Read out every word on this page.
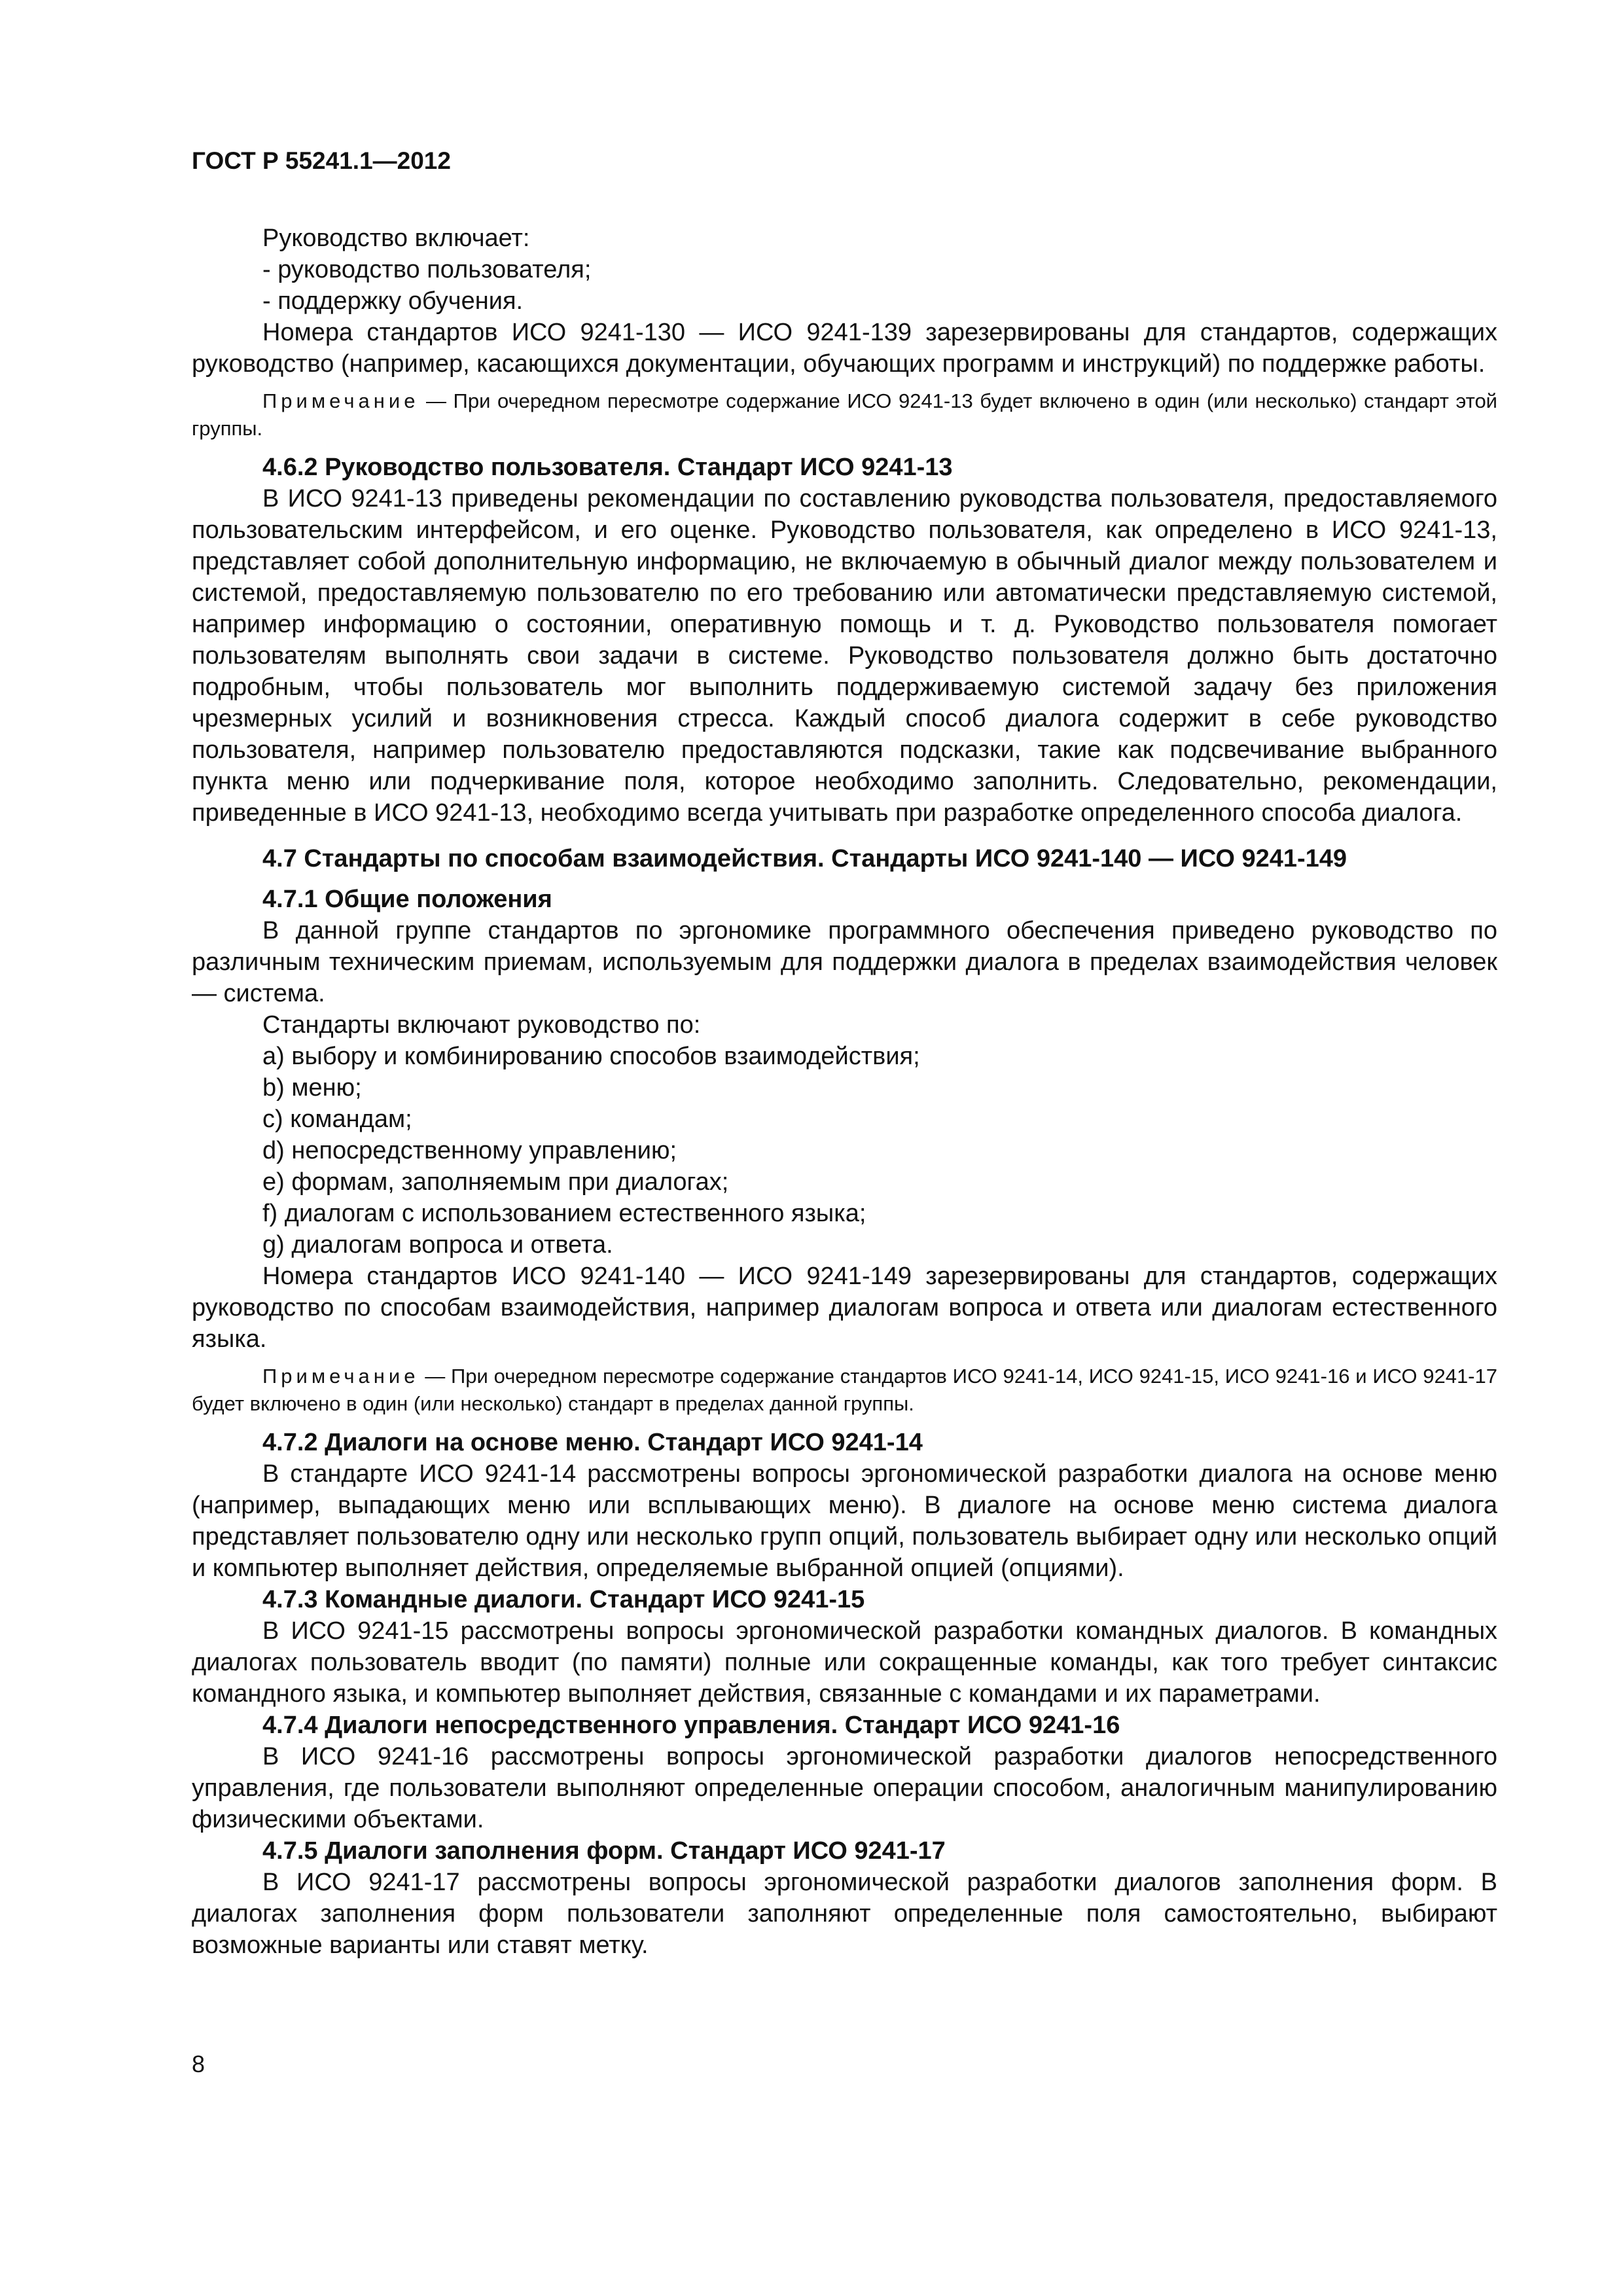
ГОСТ Р 55241.1—2012
Руководство включает:
- руководство пользователя;
- поддержку обучения.

Номера стандартов ИСО 9241-130 — ИСО 9241-139 зарезервированы для стандартов, содержащих руководство (например, касающихся документации, обучающих программ и инструкций) по поддержке работы.

Примечание — При очередном пересмотре содержание ИСО 9241-13 будет включено в один (или несколько) стандарт этой группы.
4.6.2 Руководство пользователя. Стандарт ИСО 9241-13

В ИСО 9241-13 приведены рекомендации по составлению руководства пользователя, предоставляемого пользовательским интерфейсом, и его оценке. Руководство пользователя, как определено в ИСО 9241-13, представляет собой дополнительную информацию, не включаемую в обычный диалог между пользователем и системой, предоставляемую пользователю по его требованию или автоматически представляемую системой, например информацию о состоянии, оперативную помощь и т. д. Руководство пользователя помогает пользователям выполнять свои задачи в системе. Руководство пользователя должно быть достаточно подробным, чтобы пользователь мог выполнить поддерживаемую системой задачу без приложения чрезмерных усилий и возникновения стресса. Каждый способ диалога содержит в себе руководство пользователя, например пользователю предоставляются подсказки, такие как подсвечивание выбранного пункта меню или подчеркивание поля, которое необходимо заполнить. Следовательно, рекомендации, приведенные в ИСО 9241-13, необходимо всегда учитывать при разработке определенного способа диалога.

4.7 Стандарты по способам взаимодействия. Стандарты ИСО 9241-140 — ИСО 9241-149
4.7.1 Общие положения

В данной группе стандартов по эргономике программного обеспечения приведено руководство по различным техническим приемам, используемым для поддержки диалога в пределах взаимодействия человек — система.

Стандарты включают руководство по:
a) выбору и комбинированию способов взаимодействия;
b) меню;
c) командам;
d) непосредственному управлению;
e) формам, заполняемым при диалогах;
f) диалогам с использованием естественного языка;
g) диалогам вопроса и ответа.

Номера стандартов ИСО 9241-140 — ИСО 9241-149 зарезервированы для стандартов, содержащих руководство по способам взаимодействия, например диалогам вопроса и ответа или диалогам естественного языка.

Примечание — При очередном пересмотре содержание стандартов ИСО 9241-14, ИСО 9241-15, ИСО 9241-16 и ИСО 9241-17 будет включено в один (или несколько) стандарт в пределах данной группы.
4.7.2 Диалоги на основе меню. Стандарт ИСО 9241-14

В стандарте ИСО 9241-14 рассмотрены вопросы эргономической разработки диалога на основе меню (например, выпадающих меню или всплывающих меню). В диалоге на основе меню система диалога представляет пользователю одну или несколько групп опций, пользователь выбирает одну или несколько опций и компьютер выполняет действия, определяемые выбранной опцией (опциями).

4.7.3 Командные диалоги. Стандарт ИСО 9241-15

В ИСО 9241-15 рассмотрены вопросы эргономической разработки командных диалогов. В командных диалогах пользователь вводит (по памяти) полные или сокращенные команды, как того требует синтаксис командного языка, и компьютер выполняет действия, связанные с командами и их параметрами.

4.7.4 Диалоги непосредственного управления. Стандарт ИСО 9241-16

В ИСО 9241-16 рассмотрены вопросы эргономической разработки диалогов непосредственного управления, где пользователи выполняют определенные операции способом, аналогичным манипулированию физическими объектами.

4.7.5 Диалоги заполнения форм. Стандарт ИСО 9241-17

В ИСО 9241-17 рассмотрены вопросы эргономической разработки диалогов заполнения форм. В диалогах заполнения форм пользователи заполняют определенные поля самостоятельно, выбирают возможные варианты или ставят метку.

8
